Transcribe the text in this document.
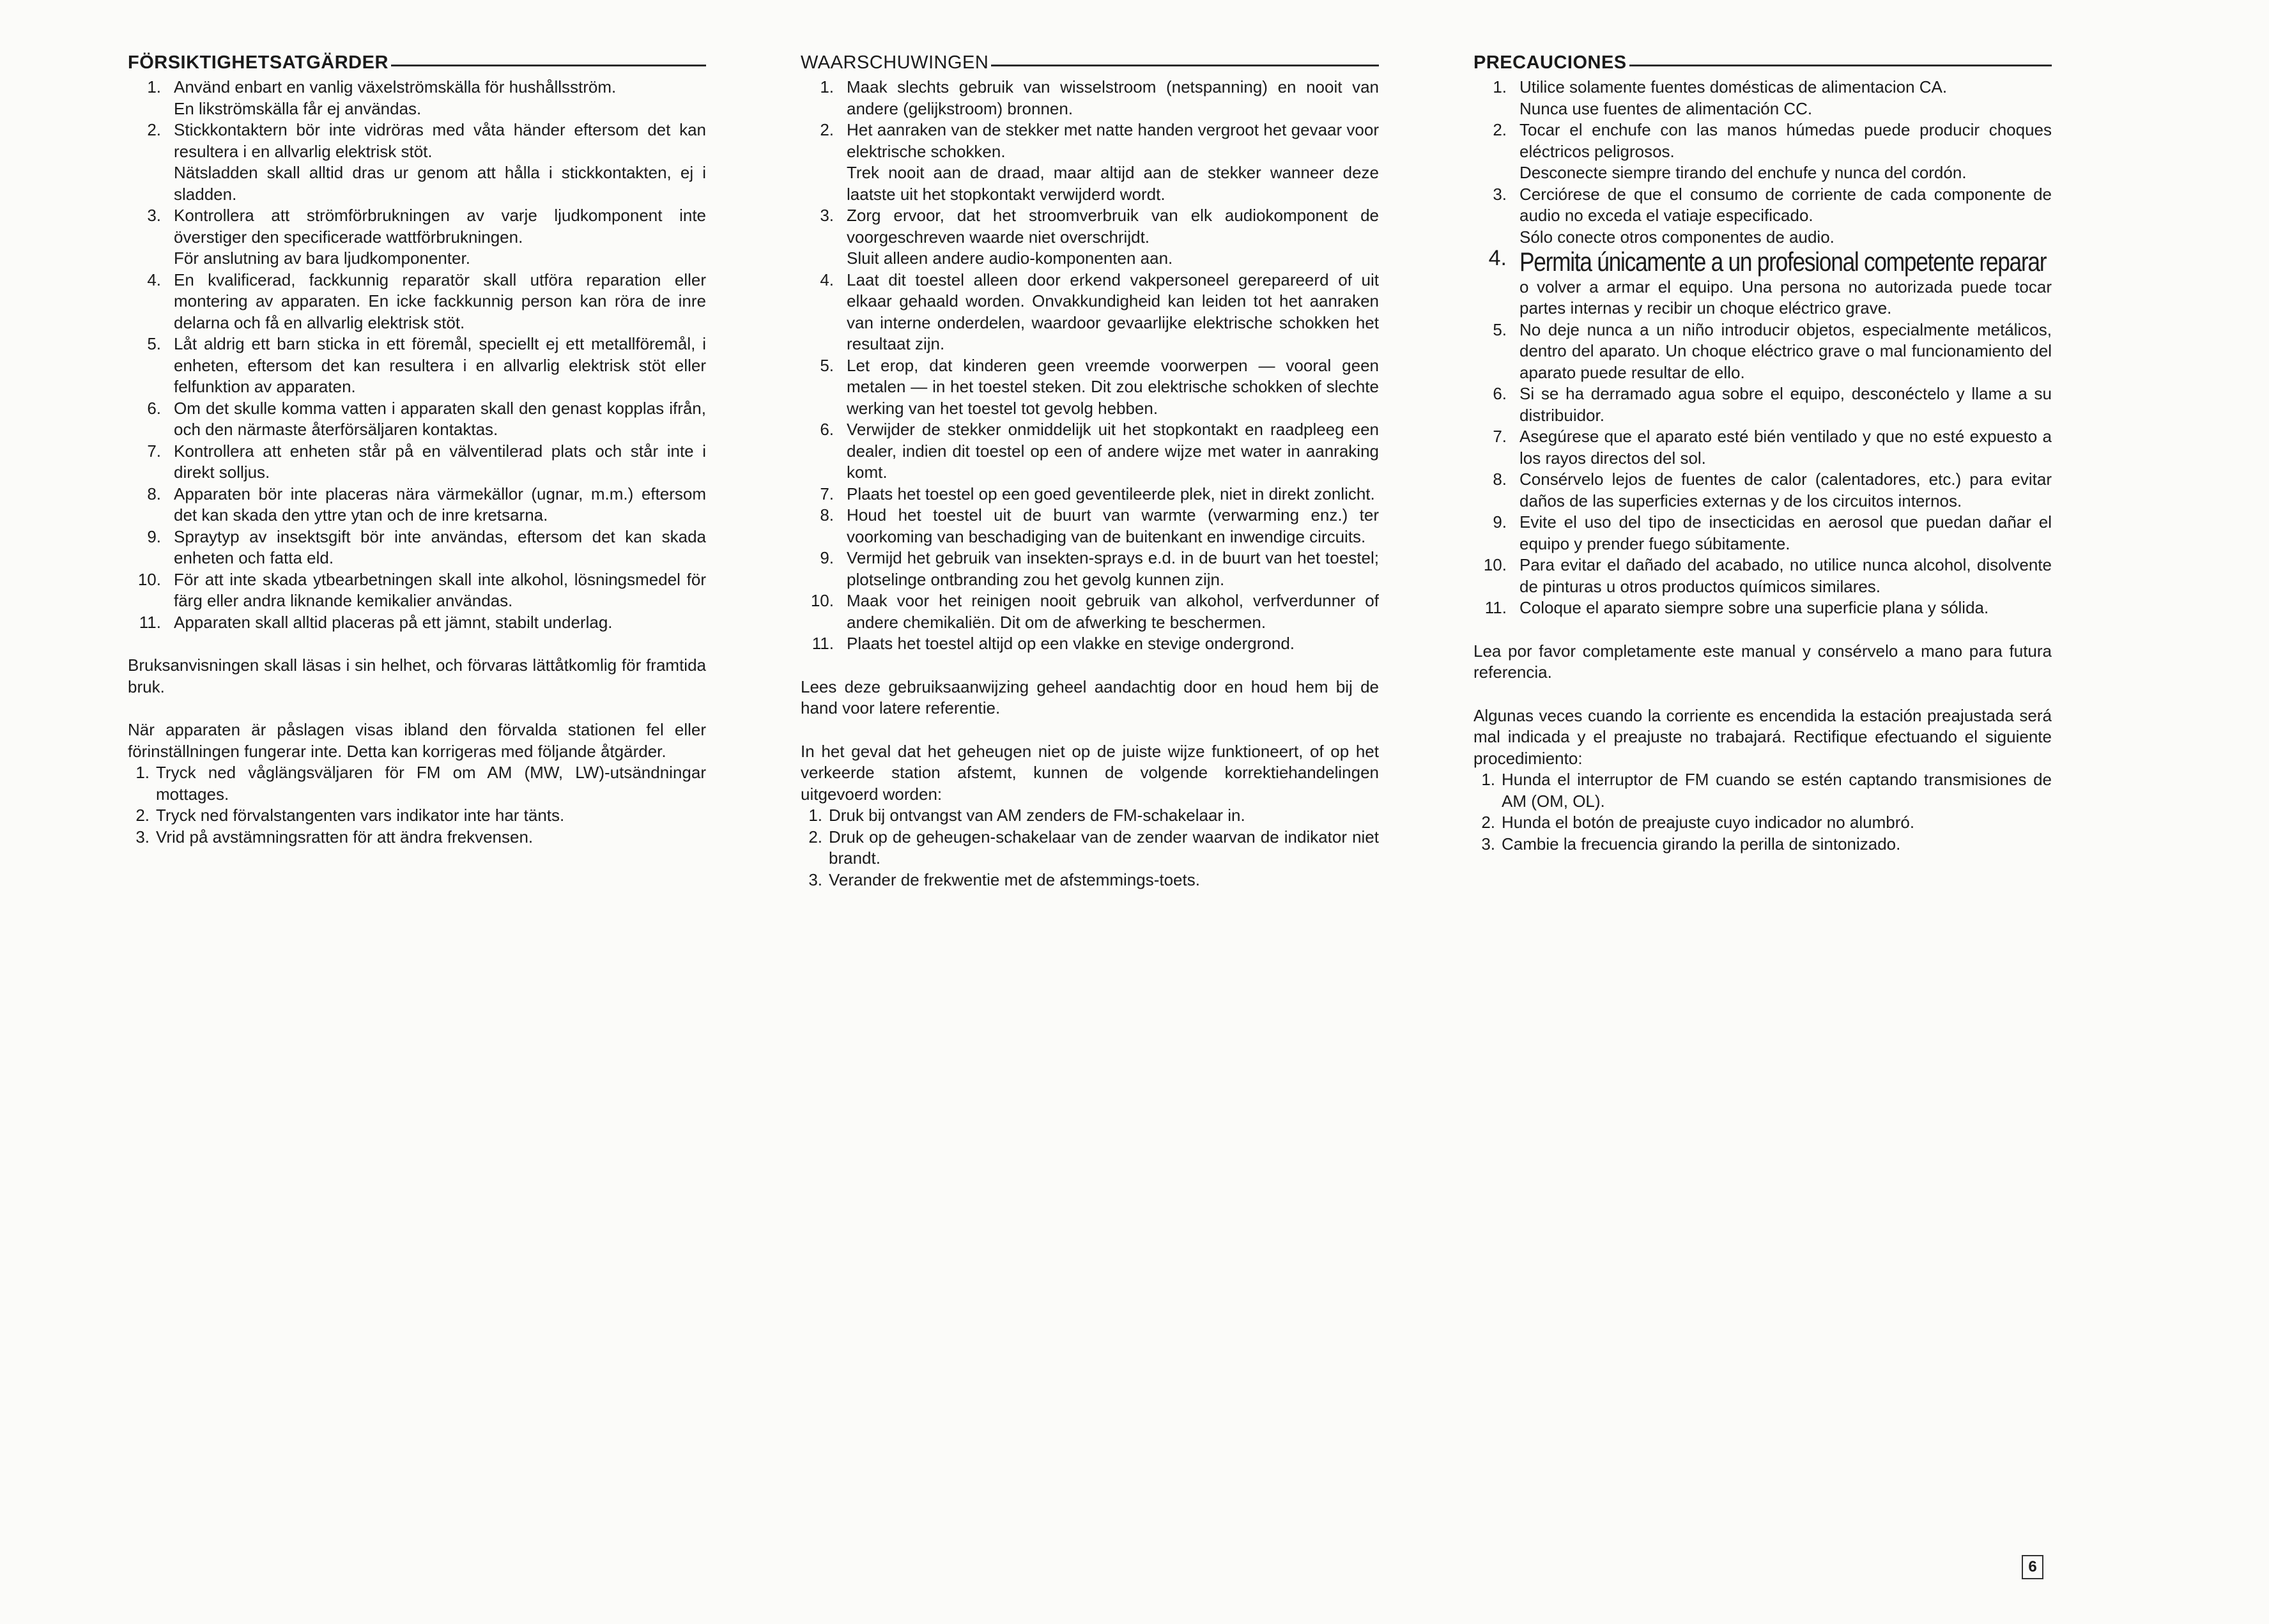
FÖRSIKTIGHETSATGÄRDER
1. Använd enbart en vanlig växelströmskälla för hushållsström.
En likströmskälla får ej användas.
2. Stickkontaktern bör inte vidröras med våta händer eftersom det kan resultera i en allvarlig elektrisk stöt.
Nätsladden skall alltid dras ur genom att hålla i stickkontakten, ej i sladden.
3. Kontrollera att strömförbrukningen av varje ljudkomponent inte överstiger den specificerade wattförbrukningen.
För anslutning av bara ljudkomponenter.
4. En kvalificerad, fackkunnig reparatör skall utföra reparation eller montering av apparaten. En icke fackkunnig person kan röra de inre delarna och få en allvarlig elektrisk stöt.
5. Låt aldrig ett barn sticka in ett föremål, speciellt ej ett metallföremål, i enheten, eftersom det kan resultera i en allvarlig elektrisk stöt eller felfunktion av apparaten.
6. Om det skulle komma vatten i apparaten skall den genast kopplas ifrån, och den närmaste återförsäljaren kontaktas.
7. Kontrollera att enheten står på en välventilerad plats och står inte i direkt solljus.
8. Apparaten bör inte placeras nära värmekällor (ugnar, m.m.) eftersom det kan skada den yttre ytan och de inre kretsarna.
9. Spraytyp av insektsgift bör inte användas, eftersom det kan skada enheten och fatta eld.
10. För att inte skada ytbearbetningen skall inte alkohol, lösningsmedel för färg eller andra liknande kemikalier användas.
11. Apparaten skall alltid placeras på ett jämnt, stabilt underlag.

Bruksanvisningen skall läsas i sin helhet, och förvaras lättåtkomlig för framtida bruk.

När apparaten är påslagen visas ibland den förvalda stationen fel eller förinställningen fungerar inte. Detta kan korrigeras med följande åtgärder.

1. Tryck ned våglängsväljaren för FM om AM (MW, LW)-utsändningar mottages.
2. Tryck ned förvalstangenten vars indikator inte har tänts.
3. Vrid på avstämningsratten för att ändra frekvensen.
WAARSCHUWINGEN
1. Maak slechts gebruik van wisselstroom (netspanning) en nooit van andere (gelijkstroom) bronnen.
2. Het aanraken van de stekker met natte handen vergroot het gevaar voor elektrische schokken.
Trek nooit aan de draad, maar altijd aan de stekker wanneer deze laatste uit het stopkontakt verwijderd wordt.
3. Zorg ervoor, dat het stroomverbruik van elk audiokomponent de voorgeschreven waarde niet overschrijdt.
Sluit alleen andere audio-komponenten aan.
4. Laat dit toestel alleen door erkend vakpersoneel gerepareerd of uit elkaar gehaald worden. Onvakkundigheid kan leiden tot het aanraken van interne onderdelen, waardoor gevaarlijke elektrische schokken het resultaat zijn.
5. Let erop, dat kinderen geen vreemde voorwerpen — vooral geen metalen — in het toestel steken. Dit zou elektrische schokken of slechte werking van het toestel tot gevolg hebben.
6. Verwijder de stekker onmiddelijk uit het stopkontakt en raadpleeg een dealer, indien dit toestel op een of andere wijze met water in aanraking komt.
7. Plaats het toestel op een goed geventileerde plek, niet in direkt zonlicht.
8. Houd het toestel uit de buurt van warmte (verwarming enz.) ter voorkoming van beschadiging van de buitenkant en inwendige circuits.
9. Vermijd het gebruik van insekten-sprays e.d. in de buurt van het toestel; plotselinge ontbranding zou het gevolg kunnen zijn.
10. Maak voor het reinigen nooit gebruik van alkohol, verfverdunner of andere chemikaliën. Dit om de afwerking te beschermen.
11. Plaats het toestel altijd op een vlakke en stevige ondergrond.

Lees deze gebruiksaanwijzing geheel aandachtig door en houd hem bij de hand voor latere referentie.

In het geval dat het geheugen niet op de juiste wijze funktioneert, of op het verkeerde station afstemt, kunnen de volgende korrektiehandelingen uitgevoerd worden:

1. Druk bij ontvangst van AM zenders de FM-schakelaar in.
2. Druk op de geheugen-schakelaar van de zender waarvan de indikator niet brandt.
3. Verander de frekwentie met de afstemmings-toets.
PRECAUCIONES
1. Utilice solamente fuentes domésticas de alimentacion CA.
Nunca use fuentes de alimentación CC.
2. Tocar el enchufe con las manos húmedas puede producir choques eléctricos peligrosos.
Desconecte siempre tirando del enchufe y nunca del cordón.
3. Cerciórese de que el consumo de corriente de cada componente de audio no exceda el vatiaje especificado.
Sólo conecte otros componentes de audio.
4. Permita únicamente a un profesional competente reparar
o volver a armar el equipo. Una persona no autorizada puede tocar partes internas y recibir un choque eléctrico grave.
5. No deje nunca a un niño introducir objetos, especialmente metálicos, dentro del aparato. Un choque eléctrico grave o mal funcionamiento del aparato puede resultar de ello.
6. Si se ha derramado agua sobre el equipo, desconéctelo y llame a su distribuidor.
7. Asegúrese que el aparato esté bién ventilado y que no esté expuesto a los rayos directos del sol.
8. Consérvelo lejos de fuentes de calor (calentadores, etc.) para evitar daños de las superficies externas y de los circuitos internos.
9. Evite el uso del tipo de insecticidas en aerosol que puedan dañar el equipo y prender fuego súbitamente.
10. Para evitar el dañado del acabado, no utilice nunca alcohol, disolvente de pinturas u otros productos químicos similares.
11. Coloque el aparato siempre sobre una superficie plana y sólida.

Lea por favor completamente este manual y consérvelo a mano para futura referencia.

Algunas veces cuando la corriente es encendida la estación preajustada será mal indicada y el preajuste no trabajará. Rectifique efectuando el siguiente procedimiento:

1. Hunda el interruptor de FM cuando se estén captando transmisiones de AM (OM, OL).
2. Hunda el botón de preajuste cuyo indicador no alumbró.
3. Cambie la frecuencia girando la perilla de sintonizado.
6
